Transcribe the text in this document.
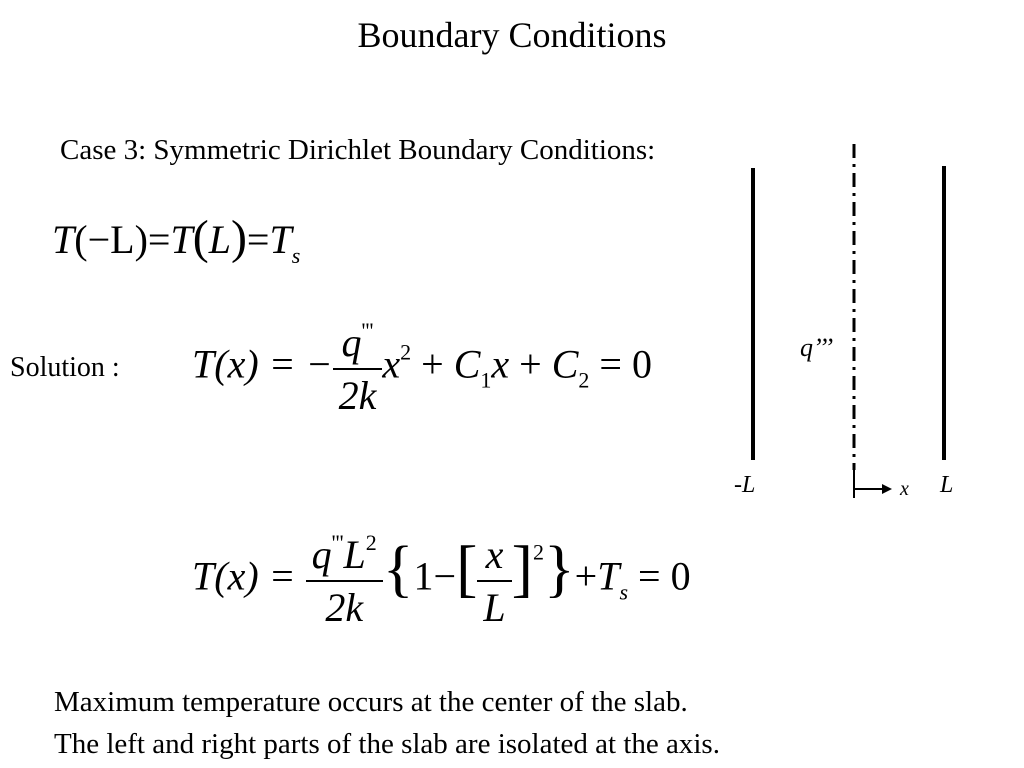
Boundary Conditions
Case 3: Symmetric Dirichlet Boundary Conditions:
$T(-L)=T(L)=T_s$
Solution : T(x) = − $\frac{q'''}{2k} x^2 + C_1x + C_2 = 0$
$T(x) = \frac{q'''L^2}{2k} \{1-[ \frac{x}{L} ]^2\}+T_s = 0$
q’’’
-L	L
x
Maximum temperature occurs at the center of the slab.
The left and right parts of the slab are isolated at the axis.
